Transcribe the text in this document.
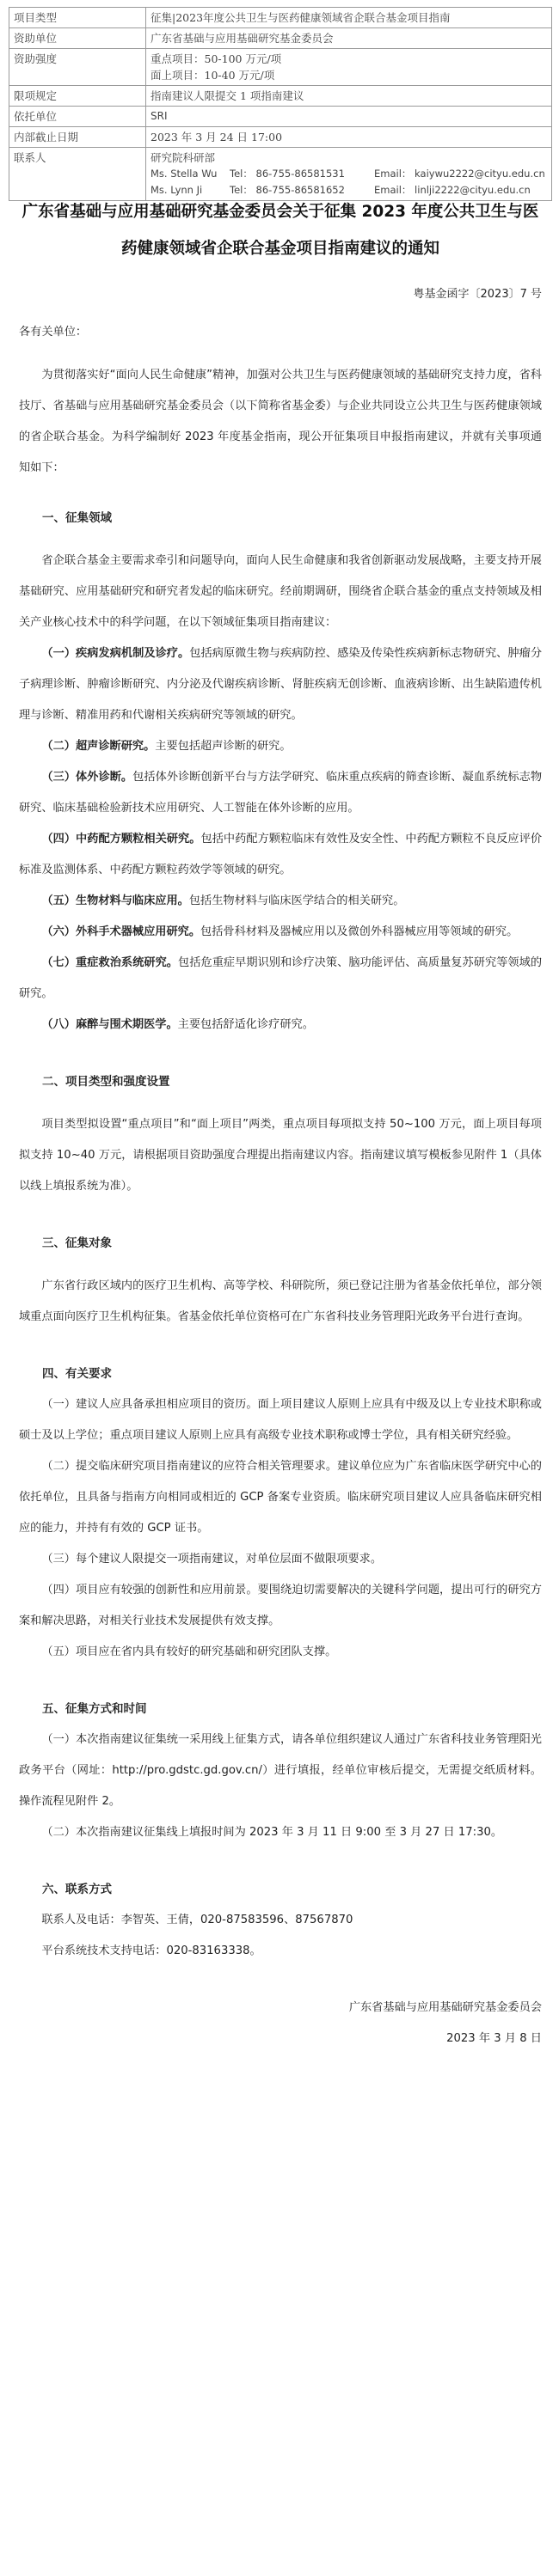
项目类型	征集|2023年度公共卫生与医药健康领域省企联合基金项目指南
资助单位	广东省基础与应用基础研究基金委员会
资助强度	重点项目：50-100 万元/项
面上项目：10-40 万元/项

限项规定	指南建议人限提交 1 项指南建议
依托单位	SRI
内部截止日期	2023 年 3 月 24 日 17:00
联系人	研究院科研部
Ms. Stella Wu Tel： 86-755-86581531 Email： kaiywu2222@cityu.edu.cn
Ms. Lynn Ji Tel： 86-755-86581652 Email： linlji2222@cityu.edu.cn
广东省基础与应用基础研究基金委员会关于征集 2023 年度公共卫生与医药健康领域省企联合基金项目指南建议的通知

粤基金函字〔2023〕7 号

各有关单位：

为贯彻落实好“面向人民生命健康”精神，加强对公共卫生与医药健康领域的基础研究支持力度，省科技厅、省基础与应用基础研究基金委员会（以下简称省基金委）与企业共同设立公共卫生与医药健康领域的省企联合基金。为科学编制好 2023 年度基金指南，现公开征集项目申报指南建议，并就有关事项通知如下：

一、征集领域

省企联合基金主要需求牵引和问题导向，面向人民生命健康和我省创新驱动发展战略，主要支持开展基础研究、应用基础研究和研究者发起的临床研究。经前期调研，围绕省企联合基金的重点支持领域及相关产业核心技术中的科学问题，在以下领域征集项目指南建议：

（一）疾病发病机制及诊疗。包括病原微生物与疾病防控、感染及传染性疾病新标志物研究、肿瘤分子病理诊断、肿瘤诊断研究、内分泌及代谢疾病诊断、肾脏疾病无创诊断、血液病诊断、出生缺陷遗传机理与诊断、精准用药和代谢相关疾病研究等领域的研究。

（二）超声诊断研究。主要包括超声诊断的研究。

（三）体外诊断。包括体外诊断创新平台与方法学研究、临床重点疾病的筛查诊断、凝血系统标志物研究、临床基础检验新技术应用研究、人工智能在体外诊断的应用。

（四）中药配方颗粒相关研究。包括中药配方颗粒临床有效性及安全性、中药配方颗粒不良反应评价标准及监测体系、中药配方颗粒药效学等领域的研究。

（五）生物材料与临床应用。包括生物材料与临床医学结合的相关研究。

（六）外科手术器械应用研究。包括骨科材料及器械应用以及微创外科器械应用等领域的研究。

（七）重症救治系统研究。包括危重症早期识别和诊疗决策、脑功能评估、高质量复苏研究等领域的研究。

（八）麻醉与围术期医学。主要包括舒适化诊疗研究。

二、项目类型和强度设置

项目类型拟设置“重点项目”和“面上项目”两类，重点项目每项拟支持 50~100 万元，面上项目每项拟支持 10~40 万元，请根据项目资助强度合理提出指南建议内容。指南建议填写模板参见附件 1（具体以线上填报系统为准）。

三、征集对象

广东省行政区域内的医疗卫生机构、高等学校、科研院所，须已登记注册为省基金依托单位，部分领域重点面向医疗卫生机构征集。省基金依托单位资格可在广东省科技业务管理阳光政务平台进行查询。

四、有关要求

（一）建议人应具备承担相应项目的资历。面上项目建议人原则上应具有中级及以上专业技术职称或硕士及以上学位；重点项目建议人原则上应具有高级专业技术职称或博士学位，具有相关研究经验。

（二）提交临床研究项目指南建议的应符合相关管理要求。建议单位应为广东省临床医学研究中心的依托单位，且具备与指南方向相同或相近的 GCP 备案专业资质。临床研究项目建议人应具备临床研究相应的能力，并持有有效的 GCP 证书。

（三）每个建议人限提交一项指南建议，对单位层面不做限项要求。

（四）项目应有较强的创新性和应用前景。要围绕迫切需要解决的关键科学问题，提出可行的研究方案和解决思路，对相关行业技术发展提供有效支撑。

（五）项目应在省内具有较好的研究基础和研究团队支撑。

五、征集方式和时间

（一）本次指南建议征集统一采用线上征集方式，请各单位组织建议人通过广东省科技业务管理阳光政务平台（网址：http://pro.gdstc.gd.gov.cn/）进行填报，经单位审核后提交，无需提交纸质材料。操作流程见附件 2。

（二）本次指南建议征集线上填报时间为 2023 年 3 月 11 日 9:00 至 3 月 27 日 17:30。

六、联系方式

联系人及电话：李智英、王倩，020-87583596、87567870

平台系统技术支持电话：020-83163338。

广东省基础与应用基础研究基金委员会

2023 年 3 月 8 日
